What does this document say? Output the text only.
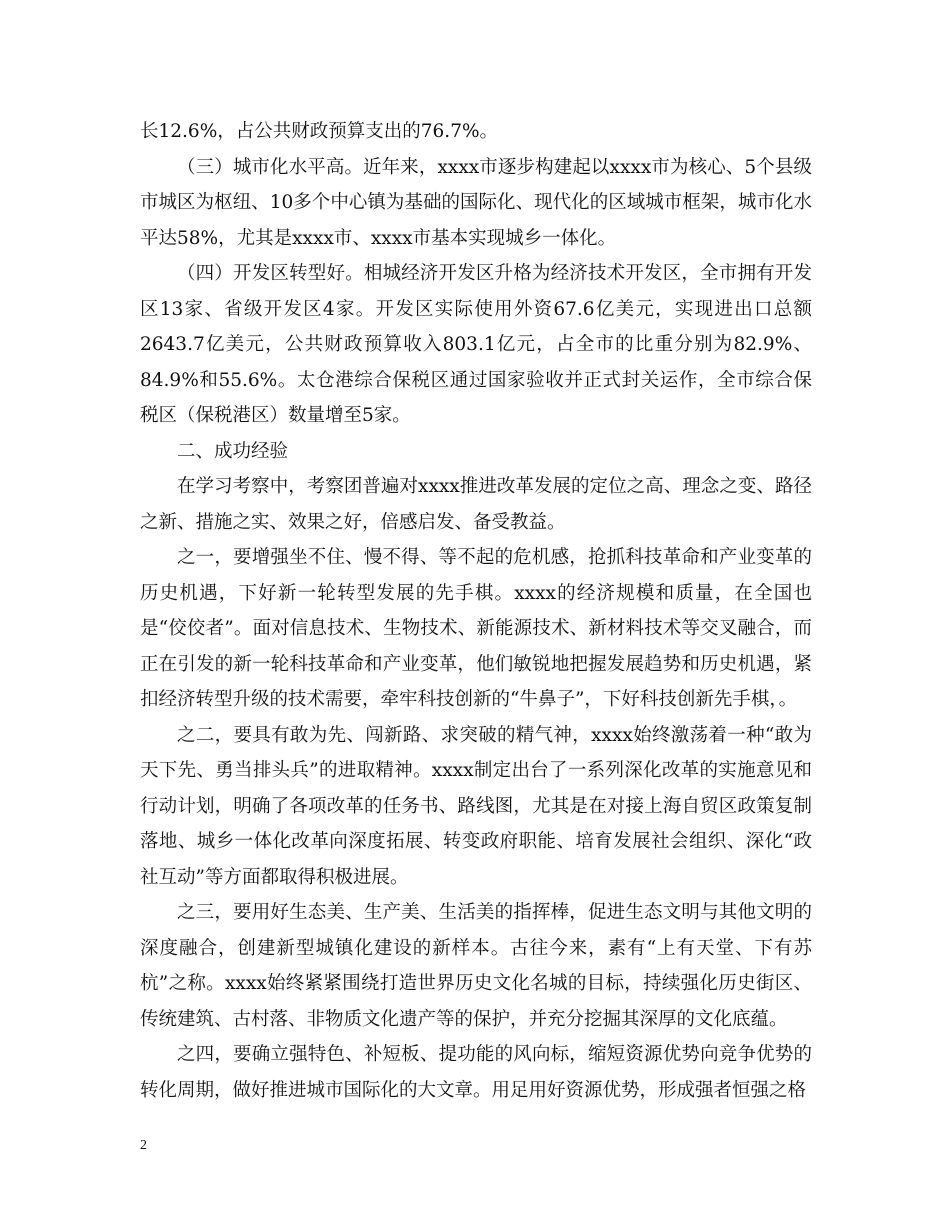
长12.6%，占公共财政预算支出的76.7%。

（三）城市化水平高。近年来，xxxx市逐步构建起以xxxx市为核心、5个县级市城区为枢纽、10多个中心镇为基础的国际化、现代化的区域城市框架，城市化水平达58%，尤其是xxxx市、xxxx市基本实现城乡一体化。

（四）开发区转型好。相城经济开发区升格为经济技术开发区，全市拥有开发区13家、省级开发区4家。开发区实际使用外资67.6亿美元，实现进出口总额2643.7亿美元，公共财政预算收入803.1亿元，占全市的比重分别为82.9%、84.9%和55.6%。太仓港综合保税区通过国家验收并正式封关运作，全市综合保税区（保税港区）数量增至5家。

二、成功经验

在学习考察中，考察团普遍对xxxx推进改革发展的定位之高、理念之变、路径之新、措施之实、效果之好，倍感启发、备受教益。

之一，要增强坐不住、慢不得、等不起的危机感，抢抓科技革命和产业变革的历史机遇，下好新一轮转型发展的先手棋。xxxx的经济规模和质量，在全国也是“佼佼者”。面对信息技术、生物技术、新能源技术、新材料技术等交叉融合，而正在引发的新一轮科技革命和产业变革，他们敏锐地把握发展趋势和历史机遇，紧扣经济转型升级的技术需要，牵牢科技创新的“牛鼻子”，下好科技创新先手棋，。

之二，要具有敢为先、闯新路、求突破的精气神，xxxx始终激荡着一种“敢为天下先、勇当排头兵”的进取精神。xxxx制定出台了一系列深化改革的实施意见和行动计划，明确了各项改革的任务书、路线图，尤其是在对接上海自贸区政策复制落地、城乡一体化改革向深度拓展、转变政府职能、培育发展社会组织、深化“政社互动”等方面都取得积极进展。

之三，要用好生态美、生产美、生活美的指挥棒，促进生态文明与其他文明的深度融合，创建新型城镇化建设的新样本。古往今来，素有“上有天堂、下有苏杭”之称。xxxx始终紧紧围绕打造世界历史文化名城的目标，持续强化历史街区、传统建筑、古村落、非物质文化遗产等的保护，并充分挖掘其深厚的文化底蕴。

之四，要确立强特色、补短板、提功能的风向标，缩短资源优势向竞争优势的转化周期，做好推进城市国际化的大文章。用足用好资源优势，形成强者恒强之格

2
